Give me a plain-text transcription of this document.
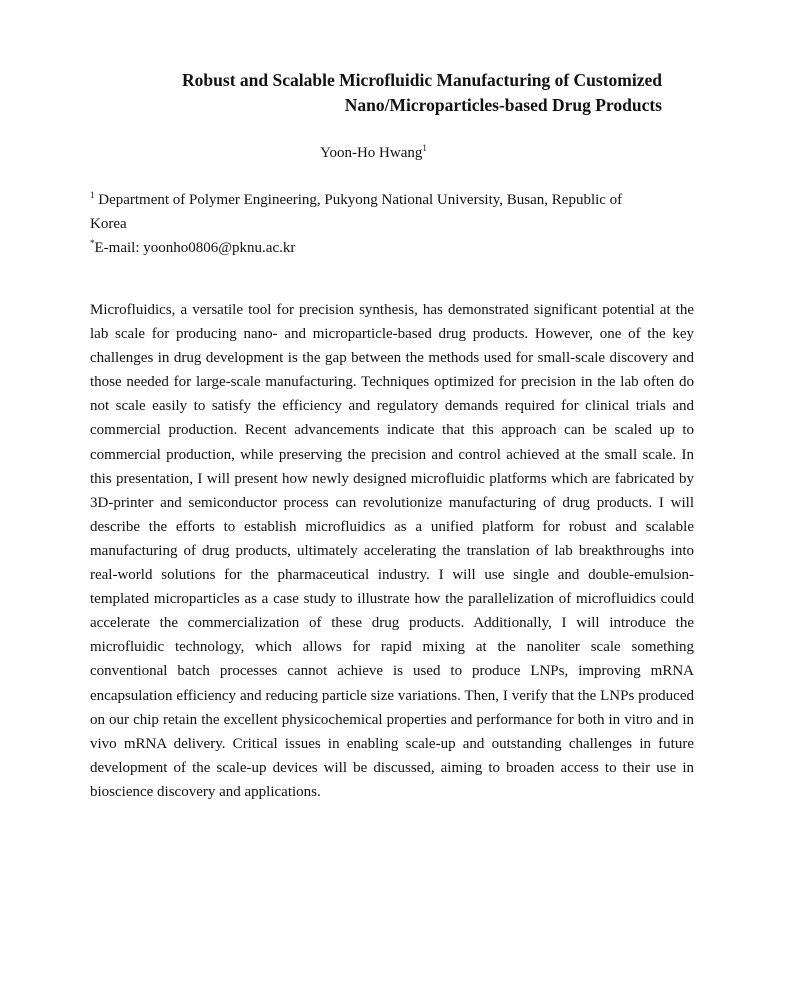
Robust and Scalable Microfluidic Manufacturing of Customized
Nano/Microparticles-based Drug Products
Yoon-Ho Hwang$^1$
$^1$ Department of Polymer Engineering, Pukyong National University, Busan, Republic of
Korea
*E-mail: yoonho0806@pknu.ac.kr

Microfluidics, a versatile tool for precision synthesis, has demonstrated significant potential at the lab scale for producing nano- and microparticle-based drug products. However, one of the key challenges in drug development is the gap between the methods used for small-scale discovery and those needed for large-scale manufacturing. Techniques optimized for precision in the lab often do not scale easily to satisfy the efficiency and regulatory demands required for clinical trials and commercial production. Recent advancements indicate that this approach can be scaled up to commercial production, while preserving the precision and control achieved at the small scale. In this presentation, I will present how newly designed microfluidic platforms which are fabricated by 3D-printer and semiconductor process can revolutionize manufacturing of drug products. I will describe the efforts to establish microfluidics as a unified platform for robust and scalable manufacturing of drug products, ultimately accelerating the translation of lab breakthroughs into real-world solutions for the pharmaceutical industry. I will use single and double-emulsion-templated microparticles as a case study to illustrate how the parallelization of microfluidics could accelerate the commercialization of these drug products. Additionally, I will introduce the microfluidic technology, which allows for rapid mixing at the nanoliter scale something conventional batch processes cannot achieve is used to produce LNPs, improving mRNA encapsulation efficiency and reducing particle size variations. Then, I verify that the LNPs produced on our chip retain the excellent physicochemical properties and performance for both in vitro and in vivo mRNA delivery. Critical issues in enabling scale-up and outstanding challenges in future development of the scale-up devices will be discussed, aiming to broaden access to their use in bioscience discovery and applications.
